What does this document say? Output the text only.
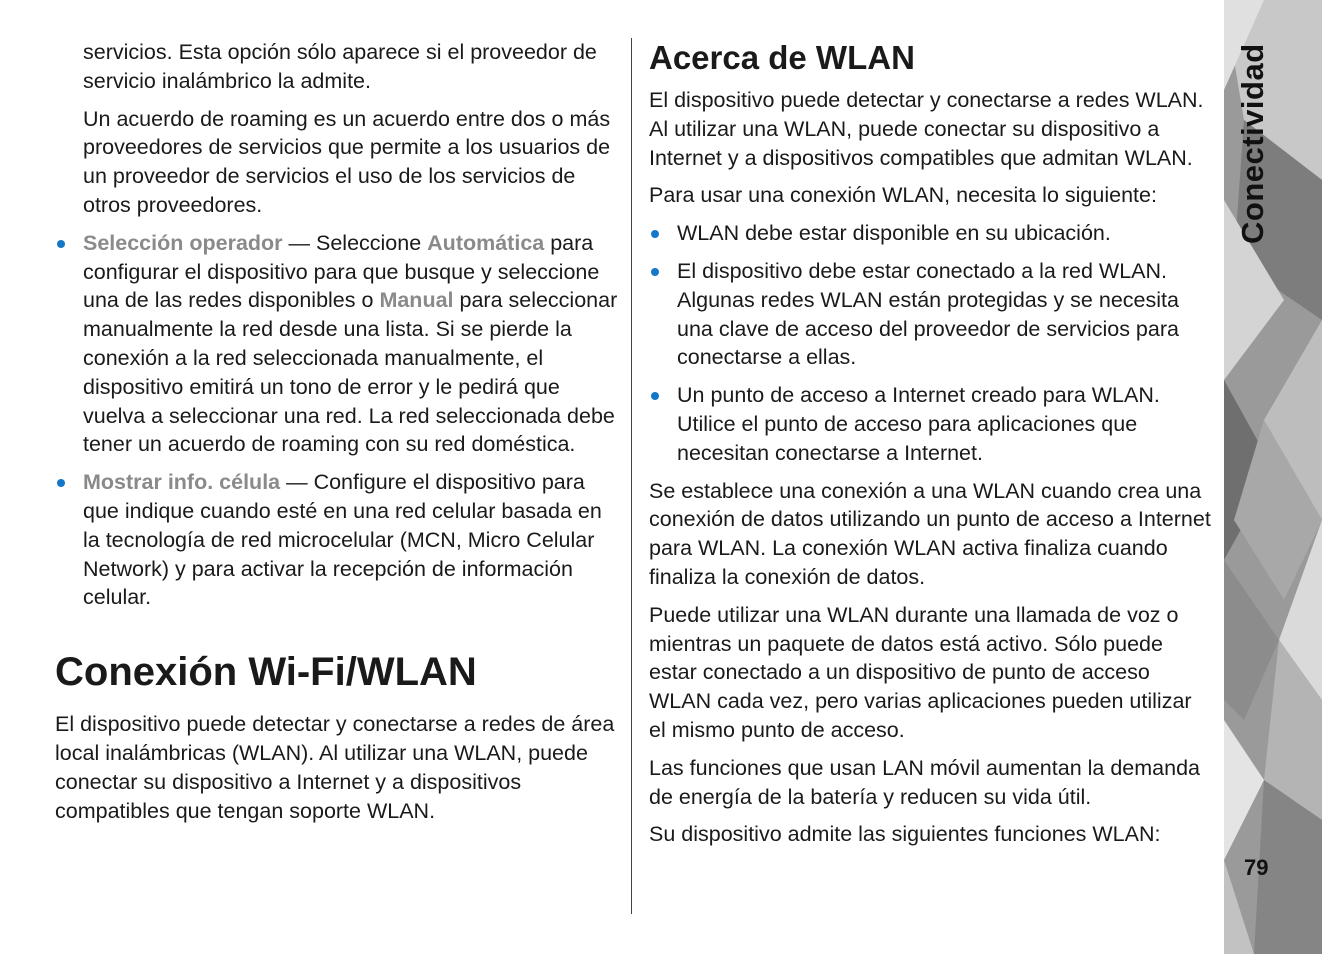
servicios. Esta opción sólo aparece si el proveedor de servicio inalámbrico la admite.

Un acuerdo de roaming es un acuerdo entre dos o más proveedores de servicios que permite a los usuarios de un proveedor de servicios el uso de los servicios de otros proveedores.

Selección operador — Seleccione Automática para configurar el dispositivo para que busque y seleccione una de las redes disponibles o Manual para seleccionar manualmente la red desde una lista. Si se pierde la conexión a la red seleccionada manualmente, el dispositivo emitirá un tono de error y le pedirá que vuelva a seleccionar una red. La red seleccionada debe tener un acuerdo de roaming con su red doméstica.
Mostrar info. célula — Configure el dispositivo para que indique cuando esté en una red celular basada en la tecnología de red microcelular (MCN, Micro Celular Network) y para activar la recepción de información celular.
Conexión Wi-Fi/WLAN

El dispositivo puede detectar y conectarse a redes de área local inalámbricas (WLAN). Al utilizar una WLAN, puede conectar su dispositivo a Internet y a dispositivos compatibles que tengan soporte WLAN.

Acerca de WLAN

El dispositivo puede detectar y conectarse a redes WLAN. Al utilizar una WLAN, puede conectar su dispositivo a Internet y a dispositivos compatibles que admitan WLAN.

Para usar una conexión WLAN, necesita lo siguiente:

WLAN debe estar disponible en su ubicación.
El dispositivo debe estar conectado a la red WLAN. Algunas redes WLAN están protegidas y se necesita una clave de acceso del proveedor de servicios para conectarse a ellas.
Un punto de acceso a Internet creado para WLAN. Utilice el punto de acceso para aplicaciones que necesitan conectarse a Internet.

Se establece una conexión a una WLAN cuando crea una conexión de datos utilizando un punto de acceso a Internet para WLAN. La conexión WLAN activa finaliza cuando finaliza la conexión de datos.

Puede utilizar una WLAN durante una llamada de voz o mientras un paquete de datos está activo. Sólo puede estar conectado a un dispositivo de punto de acceso WLAN cada vez, pero varias aplicaciones pueden utilizar el mismo punto de acceso.

Las funciones que usan LAN móvil aumentan la demanda de energía de la batería y reducen su vida útil.

Su dispositivo admite las siguientes funciones WLAN:

Conectividad
79
